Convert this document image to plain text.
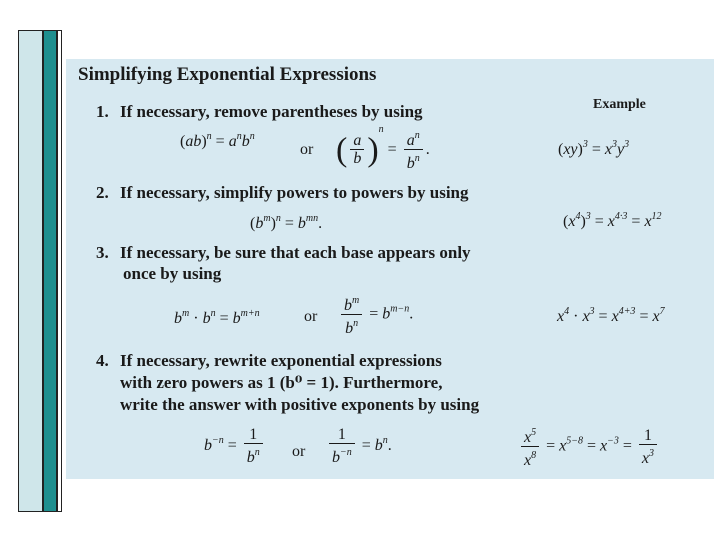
Simplifying Exponential Expressions
Example
1. If necessary, remove parentheses by using
$(ab)^n = a^nb^n$
or ( $\frac{a}{b} )^n = \frac{a^n}{b^n}$ .	$(xy)^3 = x^3y^3$
2. If necessary, simplify powers to powers by using
$(b^m)^n = b^{mn}$.	$(x^4)^3 = x^{4\cdot 3} = x^{12}$
3. If necessary, be sure that each base appears only
once by using
$b^m \cdot b^n = b^{m+n}$	or $\frac{b^m}{b^n} = b^{m-n}$.	$x^4 \cdot x^3 = x^{4+3} = x^7$
4. If necessary, rewrite exponential expressions
with zero powers as 1 (b⁰ = 1). Furthermore,
write the answer with positive exponents by using
$b^{-n} = \frac{1}{b^n}$ or $\frac{1}{b^{-n}} = b^n$.	$\frac{x^5}{x^8} = x^{5-8} = x^{-3} = \frac{1}{x^3}$
